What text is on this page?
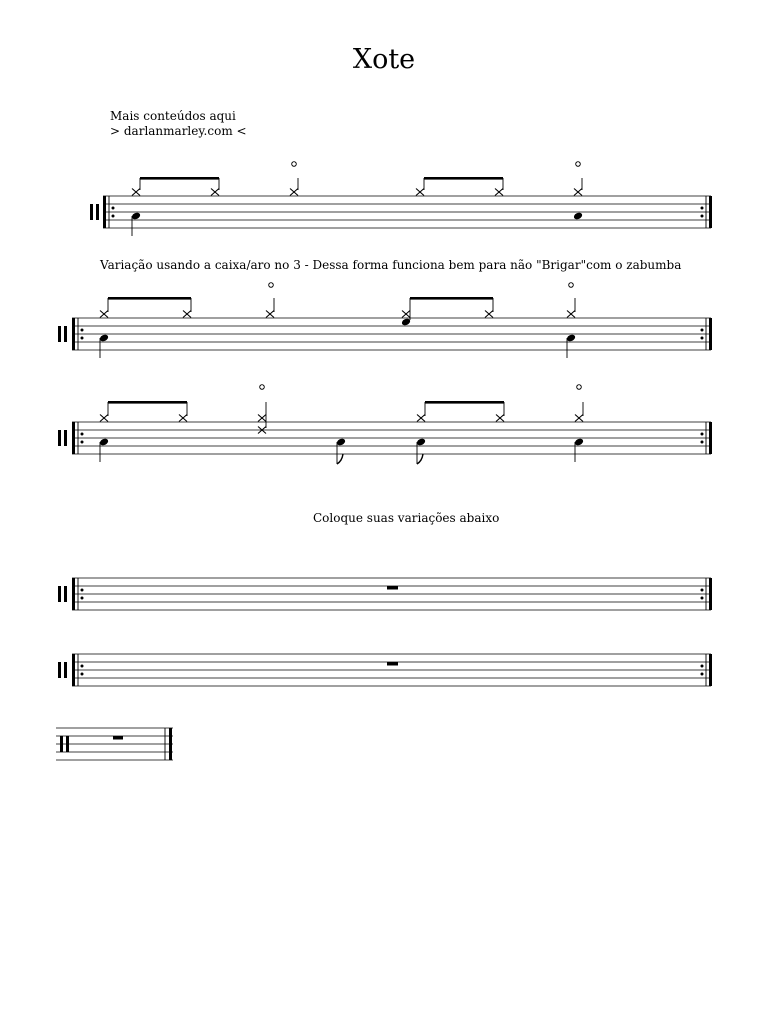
Xote
Mais conteúdos aqui
> darlanmarley.com <
Variação usando a caixa/aro no 3 - Dessa forma funciona bem para não "Brigar"com o zabumba
Coloque suas variações abaixo
